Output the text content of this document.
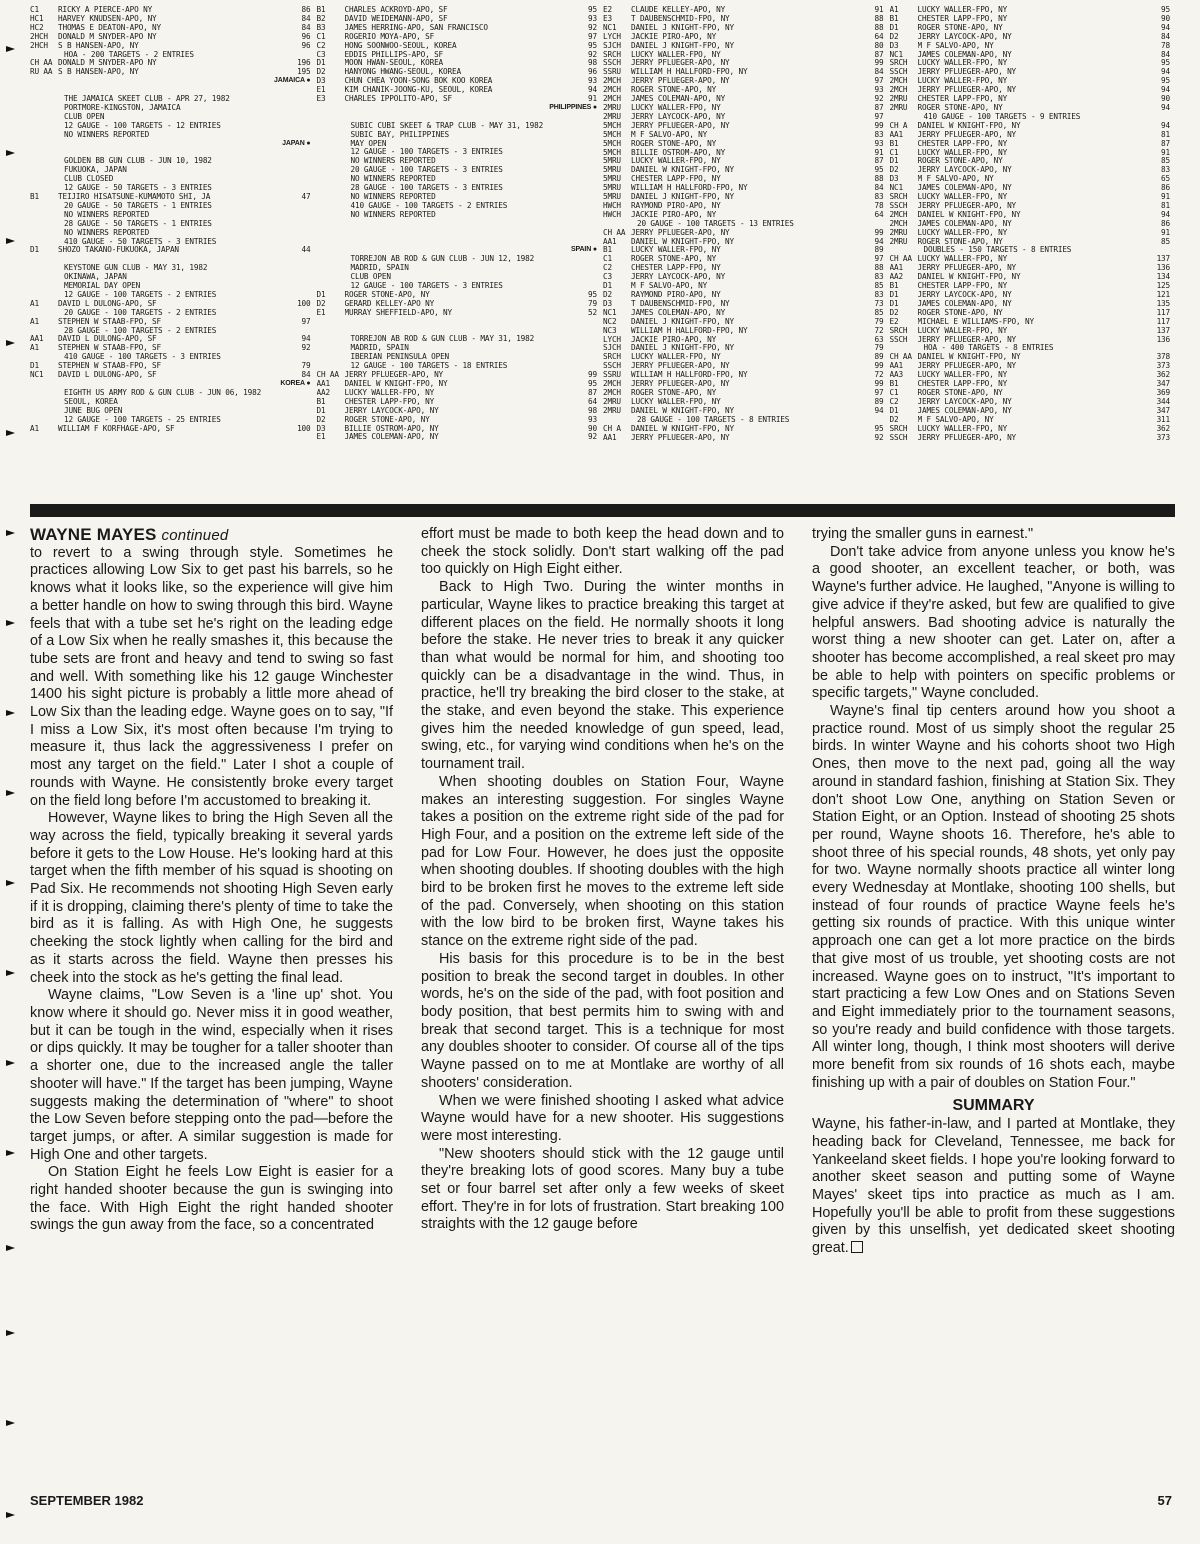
C1	RICKY A PIERCE-APO NY	86
HC1	HARVEY KNUDSEN-APO, NY	84
HC2	THOMAS E DEATON-APO, NY	84
2HCH	DONALD M SNYDER-APO NY	96
2HCH	S B HANSEN-APO, NY	96
HOA - 200 TARGETS - 2 ENTRIES
CH AA DONALD M SNYDER-APO NY	196
RU AA S B HANSEN-APO, NY	195
JAMAICA ●
THE JAMAICA SKEET CLUB - APR 27, 1982
PORTMORE-KINGSTON, JAMAICA
CLUB OPEN
12 GAUGE - 100 TARGETS - 12 ENTRIES
NO WINNERS REPORTED
JAPAN ●
GOLDEN BB GUN CLUB - JUN 10, 1982
FUKUOKA, JAPAN
CLUB CLOSED
12 GAUGE - 50 TARGETS - 3 ENTRIES
B1	TEIJIRO HISATSUNE-KUMAMOTO SHI, JA	47
20 GAUGE - 50 TARGETS - 1 ENTRIES
NO WINNERS REPORTED
28 GAUGE - 50 TARGETS - 1 ENTRIES
NO WINNERS REPORTED
410 GAUGE - 50 TARGETS - 3 ENTRIES
D1	SHOZO TAKANO-FUKUOKA, JAPAN	44
KEYSTONE GUN CLUB - MAY 31, 1982
OKINAWA, JAPAN
MEMORIAL DAY OPEN
12 GAUGE - 100 TARGETS - 2 ENTRIES
A1	DAVID L DULONG-APO, SF	100
20 GAUGE - 100 TARGETS - 2 ENTRIES
A1	STEPHEN W STAAB-FPO, SF	97
28 GAUGE - 100 TARGETS - 2 ENTRIES
AA1	DAVID L DULONG-APO, SF	94
A1	STEPHEN W STAAB-FPO, SF	92
410 GAUGE - 100 TARGETS - 3 ENTRIES
D1	STEPHEN W STAAB-FPO, SF	79
NC1	DAVID L DULONG-APO, SF	84
KOREA ●
EIGHTH US ARMY ROD & GUN CLUB - JUN 06, 1982
SEOUL, KOREA
JUNE BUG OPEN
12 GAUGE - 100 TARGETS - 25 ENTRIES
A1	WILLIAM F KORFHAGE-APO, SF	100
B1	CHARLES ACKROYD-APO, SF	95
B2	DAVID WEIDEMANN-APO, SF	93
B3	JAMES HERRING-APO, SAN FRANCISCO	92
C1	ROGERIO MOYA-APO, SF	97
C2	HONG SOONWOO-SEOUL, KOREA	95
C3	EDDIS PHILLIPS-APO, SF	92
D1	MOON HWAN-SEOUL, KOREA	98
D2	HANYONG HWANG-SEOUL, KOREA	96
D3	CHUN CHEA YOON-SONG BOK KOO KOREA	93
E1	KIM CHANIK-JOONG-KU, SEOUL, KOREA	94
E3	CHARLES IPPOLITO-APO, SF	91
PHILIPPINES ●
SUBIC CUBI SKEET & TRAP CLUB - MAY 31, 1982
SUBIC BAY, PHILIPPINES
MAY OPEN
12 GAUGE - 100 TARGETS - 3 ENTRIES
NO WINNERS REPORTED
20 GAUGE - 100 TARGETS - 3 ENTRIES
NO WINNERS REPORTED
28 GAUGE - 100 TARGETS - 3 ENTRIES
NO WINNERS REPORTED
410 GAUGE - 100 TARGETS - 2 ENTRIES
NO WINNERS REPORTED
SPAIN ●
TORREJON AB ROD & GUN CLUB - JUN 12, 1982
MADRID, SPAIN
CLUB OPEN
12 GAUGE - 100 TARGETS - 3 ENTRIES
D1	ROGER STONE-APO, NY	95
D2	GERARD KELLEY-APO NY	79
E1	MURRAY SHEFFIELD-APO, NY	52
TORREJON AB ROD & GUN CLUB - MAY 31, 1982
MADRID, SPAIN
IBERIAN PENINSULA OPEN
12 GAUGE - 100 TARGETS - 18 ENTRIES
CH AA JERRY PFLUEGER-APO, NY	99
AA1	DANIEL W KNIGHT-FPO, NY	95
AA2	LUCKY WALLER-FPO, NY	87
B1	CHESTER LAPP-FPO, NY	64
D1	JERRY LAYCOCK-APO, NY	98
D2	ROGER STONE-APO, NY	93
D3	BILLIE OSTROM-APO, NY	90
E1	JAMES COLEMAN-APO, NY	92
E2	CLAUDE KELLEY-APO, NY	91
E3	T DAUBENSCHMID-FPO, NY	88
NC1	DANIEL J KNIGHT-FPO, NY	88
LYCH	JACKIE PIRO-APO, NY	64
SJCH	DANIEL J KNIGHT-FPO, NY	80
SRCH	LUCKY WALLER-FPO, NY	87
SSCH	JERRY PFLUEGER-APO, NY	99
SSRU	WILLIAM H HALLFORD-FPO, NY	84
2MCH	JERRY PFLUEGER-APO, NY	97
2MCH	ROGER STONE-APO, NY	93
2MCH	JAMES COLEMAN-APO, NY	92
2MRU	LUCKY WALLER-FPO, NY	87
2MRU	JERRY LAYCOCK-APO, NY	97
5MCH	JERRY PFLUEGER-APO, NY	99
5MCH	M F SALVO-APO, NY	83
5MCH	ROGER STONE-APO, NY	93
5MCH	BILLIE OSTROM-APO, NY	91
5MRU	LUCKY WALLER-FPO, NY	87
5MRU	DANIEL W KNIGHT-FPO, NY	95
5MRU	CHESTER LAPP-FPO, NY	88
5MRU	WILLIAM H HALLFORD-FPO, NY	84
5MRU	DANIEL J KNIGHT-FPO, NY	83
HWCH	RAYMOND PIRO-APO, NY	78
HWCH	JACKIE PIRO-APO, NY	64
20 GAUGE - 100 TARGETS - 13 ENTRIES
CH AA JERRY PFLUEGER-APO, NY	99
AA1	DANIEL W KNIGHT-FPO, NY	94
B1	LUCKY WALLER-FPO, NY	89
C1	ROGER STONE-APO, NY	97
C2	CHESTER LAPP-FPO, NY	88
C3	JERRY LAYCOCK-APO, NY	83
D1	M F SALVO-APO, NY	85
D2	RAYMOND PIRO-APO, NY	83
D3	T DAUBENSCHMID-FPO, NY	73
NC1	JAMES COLEMAN-APO, NY	85
NC2	DANIEL J KNIGHT-FPO, NY	79
NC3	WILLIAM H HALLFORD-FPO, NY	72
LYCH	JACKIE PIRO-APO, NY	63
SJCH	DANIEL J KNIGHT-FPO, NY	79
SRCH	LUCKY WALLER-FPO, NY	89
SSCH	JERRY PFLUEGER-APO, NY	99
SSRU	WILLIAM H HALLFORD-FPO, NY	72
2MCH	JERRY PFLUEGER-APO, NY	99
2MCH	ROGER STONE-APO, NY	97
2MRU	LUCKY WALLER-FPO, NY	89
2MRU	DANIEL W KNIGHT-FPO, NY	94
28 GAUGE - 100 TARGETS - 8 ENTRIES
CH A	DANIEL W KNIGHT-FPO, NY	95
AA1	JERRY PFLUEGER-APO, NY	92
A1	LUCKY WALLER-FPO, NY	95
B1	CHESTER LAPP-FPO, NY	90
D1	ROGER STONE-APO, NY	94
D2	JERRY LAYCOCK-APO, NY	84
D3	M F SALVO-APO, NY	78
NC1	JAMES COLEMAN-APO, NY	84
SRCH	LUCKY WALLER-FPO, NY	95
SSCH	JERRY PFLUEGER-APO, NY	94
2MCH	LUCKY WALLER-FPO, NY	95
2MCH	JERRY PFLUEGER-APO, NY	94
2MRU	CHESTER LAPP-FPO, NY	90
2MRU	ROGER STONE-APO, NY	94
410 GAUGE - 100 TARGETS - 9 ENTRIES
CH A	DANIEL W KNIGHT-FPO, NY	94
AA1	JERRY PFLUEGER-APO, NY	81
B1	CHESTER LAPP-FPO, NY	87
C1	LUCKY WALLER-FPO, NY	91
D1	ROGER STONE-APO, NY	85
D2	JERRY LAYCOCK-APO, NY	83
D3	M F SALVO-APO, NY	65
NC1	JAMES COLEMAN-APO, NY	86
SRCH	LUCKY WALLER-FPO, NY	91
SSCH	JERRY PFLUEGER-APO, NY	81
2MCH	DANIEL W KNIGHT-FPO, NY	94
2MCH	JAMES COLEMAN-APO, NY	86
2MRU	LUCKY WALLER-FPO, NY	91
2MRU	ROGER STONE-APO, NY	85
DOUBLES - 150 TARGETS - 8 ENTRIES
CH AA LUCKY WALLER-FPO, NY	137
AA1	JERRY PFLUEGER-APO, NY	136
AA2	DANIEL W KNIGHT-FPO, NY	134
B1	CHESTER LAPP-FPO, NY	125
D1	JERRY LAYCOCK-APO, NY	121
D1	JAMES COLEMAN-APO, NY	135
D2	ROGER STONE-APO, NY	117
E2	MICHAEL E WILLIAMS-FPO, NY	117
SRCH	LUCKY WALLER-FPO, NY	137
SSCH	JERRY PFLUEGER-APO, NY	136
HOA - 400 TARGETS - 8 ENTRIES
CH AA DANIEL W KNIGHT-FPO, NY	378
AA1	JERRY PFLUEGER-APO, NY	373
AA3	LUCKY WALLER-FPO, NY	362
B1	CHESTER LAPP-FPO, NY	347
C1	ROGER STONE-APO, NY	369
C2	JERRY LAYCOCK-APO, NY	344
D1	JAMES COLEMAN-APO, NY	347
D2	M F SALVO-APO, NY	311
SRCH	LUCKY WALLER-FPO, NY	362
SSCH	JERRY PFLUEGER-APO, NY	373
WAYNE MAYES continued

to revert to a swing through style. Sometimes he practices allowing Low Six to get past his barrels, so he knows what it looks like, so the experience will give him a better handle on how to swing through this bird. Wayne feels that with a tube set he's right on the leading edge of a Low Six when he really smashes it, this because the tube sets are front and heavy and tend to swing so fast and well. With something like his 12 gauge Winchester 1400 his sight picture is probably a little more ahead of Low Six than the leading edge. Wayne goes on to say, "If I miss a Low Six, it's most often because I'm trying to measure it, thus lack the aggressiveness I prefer on most any target on the field." Later I shot a couple of rounds with Wayne. He consistently broke every target on the field long before I'm accustomed to breaking it.

However, Wayne likes to bring the High Seven all the way across the field, typically breaking it several yards before it gets to the Low House. He's looking hard at this target when the fifth member of his squad is shooting on Pad Six. He recommends not shooting High Seven early if it is dropping, claiming there's plenty of time to take the bird as it is falling. As with High One, he suggests cheeking the stock lightly when calling for the bird and as it starts across the field. Wayne then presses his cheek into the stock as he's getting the final lead.

Wayne claims, "Low Seven is a 'line up' shot. You know where it should go. Never miss it in good weather, but it can be tough in the wind, especially when it rises or dips quickly. It may be tougher for a taller shooter than a shorter one, due to the increased angle the taller shooter will have." If the target has been jumping, Wayne suggests making the determination of "where" to shoot the Low Seven before stepping onto the pad—before the target jumps, or after. A similar suggestion is made for High One and other targets.

On Station Eight he feels Low Eight is easier for a right handed shooter because the gun is swinging into the face. With High Eight the right handed shooter swings the gun away from the face, so a concentrated

effort must be made to both keep the head down and to cheek the stock solidly. Don't start walking off the pad too quickly on High Eight either.

Back to High Two. During the winter months in particular, Wayne likes to practice breaking this target at different places on the field. He normally shoots it long before the stake. He never tries to break it any quicker than what would be normal for him, and shooting too quickly can be a disadvantage in the wind. Thus, in practice, he'll try breaking the bird closer to the stake, at the stake, and even beyond the stake. This experience gives him the needed knowledge of gun speed, lead, swing, etc., for varying wind conditions when he's on the tournament trail.

When shooting doubles on Station Four, Wayne makes an interesting suggestion. For singles Wayne takes a position on the extreme right side of the pad for High Four, and a position on the extreme left side of the pad for Low Four. However, he does just the opposite when shooting doubles. If shooting doubles with the high bird to be broken first he moves to the extreme left side of the pad. Conversely, when shooting on this station with the low bird to be broken first, Wayne takes his stance on the extreme right side of the pad.

His basis for this procedure is to be in the best position to break the second target in doubles. In other words, he's on the side of the pad, with foot position and body position, that best permits him to swing with and break that second target. This is a technique for most any doubles shooter to consider. Of course all of the tips Wayne passed on to me at Montlake are worthy of all shooters' consideration.

When we were finished shooting I asked what advice Wayne would have for a new shooter. His suggestions were most interesting.

"New shooters should stick with the 12 gauge until they're breaking lots of good scores. Many buy a tube set or four barrel set after only a few weeks of skeet effort. They're in for lots of frustration. Start breaking 100 straights with the 12 gauge before

trying the smaller guns in earnest."

Don't take advice from anyone unless you know he's a good shooter, an excellent teacher, or both, was Wayne's further advice. He laughed, "Anyone is willing to give advice if they're asked, but few are qualified to give helpful answers. Bad shooting advice is naturally the worst thing a new shooter can get. Later on, after a shooter has become accomplished, a real skeet pro may be able to help with pointers on specific problems or specific targets," Wayne concluded.

Wayne's final tip centers around how you shoot a practice round. Most of us simply shoot the regular 25 birds. In winter Wayne and his cohorts shoot two High Ones, then move to the next pad, going all the way around in standard fashion, finishing at Station Six. They don't shoot Low One, anything on Station Seven or Station Eight, or an Option. Instead of shooting 25 shots per round, Wayne shoots 16. Therefore, he's able to shoot three of his special rounds, 48 shots, yet only pay for two. Wayne normally shoots practice all winter long every Wednesday at Montlake, shooting 100 shells, but instead of four rounds of practice Wayne feels he's getting six rounds of practice. With this unique winter approach one can get a lot more practice on the birds that give most of us trouble, yet shooting costs are not increased. Wayne goes on to instruct, "It's important to start practicing a few Low Ones and on Stations Seven and Eight immediately prior to the tournament seasons, so you're ready and build confidence with those targets. All winter long, though, I think most shooters will derive more benefit from six rounds of 16 shots each, maybe finishing up with a pair of doubles on Station Four."

SUMMARY

Wayne, his father-in-law, and I parted at Montlake, they heading back for Cleveland, Tennessee, me back for Yankeeland skeet fields. I hope you're looking forward to another skeet season and putting some of Wayne Mayes' skeet tips into practice as much as I am. Hopefully you'll be able to profit from these suggestions given by this unselfish, yet dedicated skeet shooting great.

SEPTEMBER 1982	57
